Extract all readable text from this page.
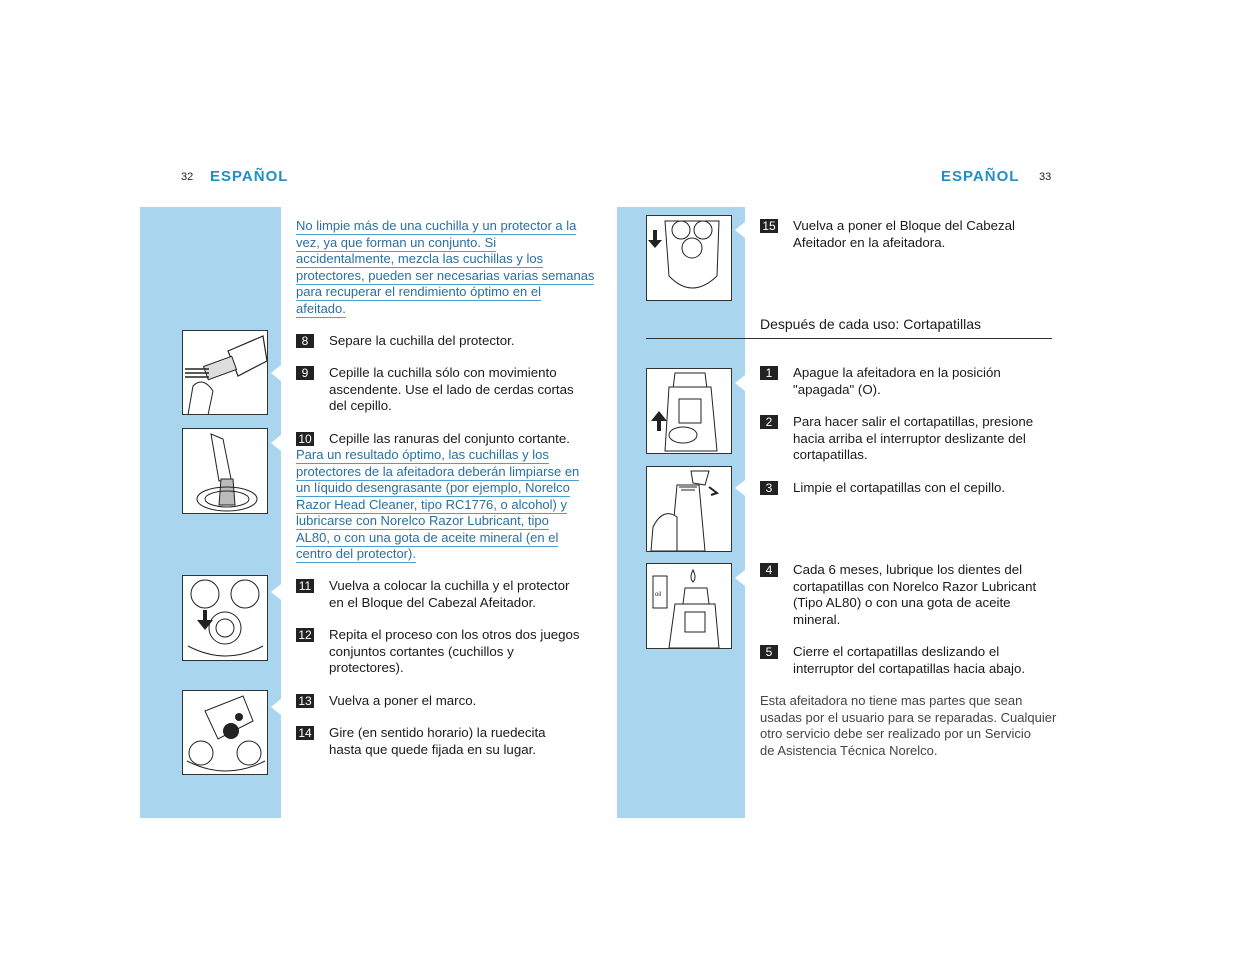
32 ESPAÑOL
No limpie más de una cuchilla y un protector a la
vez, ya que forman un conjunto. Si
accidentalmente, mezcla las cuchillas y los
protectores, pueden ser necesarias varias semanas
para recuperar el rendimiento óptimo en el
afeitado.
8	Separe la cuchilla del protector.
9	Cepille la cuchilla sólo con movimiento
ascendente. Use el lado de cerdas cortas
del cepillo.
10 Cepille las ranuras del conjunto cortante.
Para un resultado óptimo, las cuchillas y los
protectores de la afeitadora deberán limpiarse en
un líquido desengrasante (por ejemplo, Norelco
Razor Head Cleaner, tipo RC1776, o alcohol) y
lubricarse con Norelco Razor Lubricant, tipo
AL80, o con una gota de aceite mineral (en el
centro del protector).
11 Vuelva a colocar la cuchilla y el protector
en el Bloque del Cabezal Afeitador.
12 Repita el proceso con los otros dos juegos
conjuntos cortantes (cuchillos y
protectores).
13 Vuelva a poner el marco.
14 Gire (en sentido horario) la ruedecita
hasta que quede fijada en su lugar.
ESPAÑOL 33
15 Vuelva a poner el Bloque del Cabezal
Afeitador en la afeitadora.
Después de cada uso: Cortapatillas
oil
1	Apague la afeitadora en la posición
"apagada" (O).
2	Para hacer salir el cortapatillas, presione
hacia arriba el interruptor deslizante del
cortapatillas.
3	Limpie el cortapatillas con el cepillo.
4	Cada 6 meses, lubrique los dientes del
cortapatillas con Norelco Razor Lubricant
(Tipo AL80) o con una gota de aceite
mineral.
5	Cierre el cortapatillas deslizando el
interruptor del cortapatillas hacia abajo.
Esta afeitadora no tiene mas partes que sean
usadas por el usuario para se reparadas. Cualquier
otro servicio debe ser realizado por un Servicio
de Asistencia Técnica Norelco.
